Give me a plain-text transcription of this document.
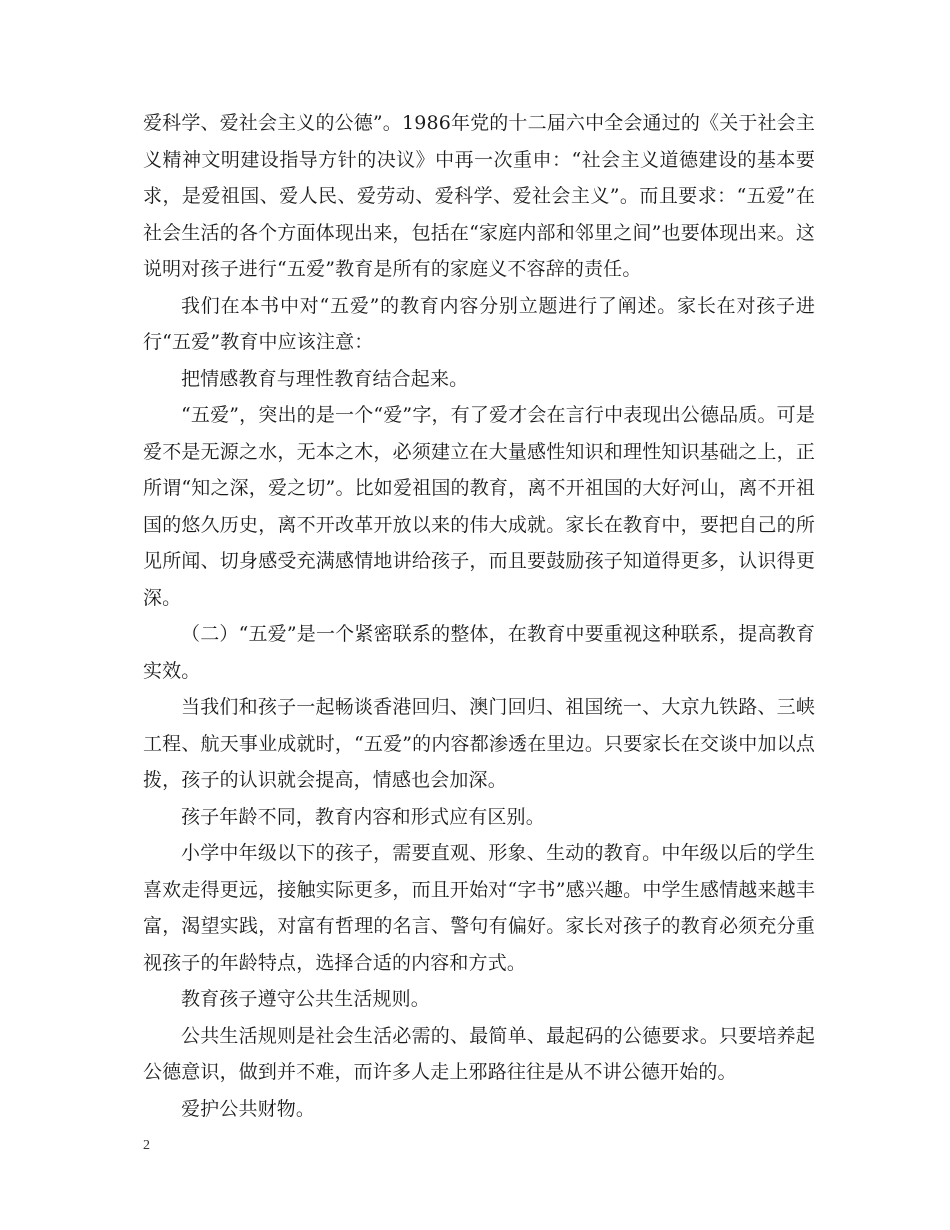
爱科学、爱社会主义的公德”。1986年党的十二届六中全会通过的《关于社会主义精神文明建设指导方针的决议》中再一次重申：“社会主义道德建设的基本要求，是爱祖国、爱人民、爱劳动、爱科学、爱社会主义”。而且要求：“五爱”在社会生活的各个方面体现出来，包括在“家庭内部和邻里之间”也要体现出来。这说明对孩子进行“五爱”教育是所有的家庭义不容辞的责任。

我们在本书中对“五爱”的教育内容分别立题进行了阐述。家长在对孩子进行“五爱”教育中应该注意：

把情感教育与理性教育结合起来。

“五爱”，突出的是一个“爱”字，有了爱才会在言行中表现出公德品质。可是爱不是无源之水，无本之木，必须建立在大量感性知识和理性知识基础之上，正所谓“知之深，爱之切”。比如爱祖国的教育，离不开祖国的大好河山，离不开祖国的悠久历史，离不开改革开放以来的伟大成就。家长在教育中，要把自己的所见所闻、切身感受充满感情地讲给孩子，而且要鼓励孩子知道得更多，认识得更深。

（二）“五爱”是一个紧密联系的整体，在教育中要重视这种联系，提高教育实效。

当我们和孩子一起畅谈香港回归、澳门回归、祖国统一、大京九铁路、三峡工程、航天事业成就时，“五爱”的内容都渗透在里边。只要家长在交谈中加以点拨，孩子的认识就会提高，情感也会加深。

孩子年龄不同，教育内容和形式应有区别。

小学中年级以下的孩子，需要直观、形象、生动的教育。中年级以后的学生喜欢走得更远，接触实际更多，而且开始对“字书”感兴趣。中学生感情越来越丰富，渴望实践，对富有哲理的名言、警句有偏好。家长对孩子的教育必须充分重视孩子的年龄特点，选择合适的内容和方式。

教育孩子遵守公共生活规则。

公共生活规则是社会生活必需的、最简单、最起码的公德要求。只要培养起公德意识，做到并不难，而许多人走上邪路往往是从不讲公德开始的。

爱护公共财物。

2
